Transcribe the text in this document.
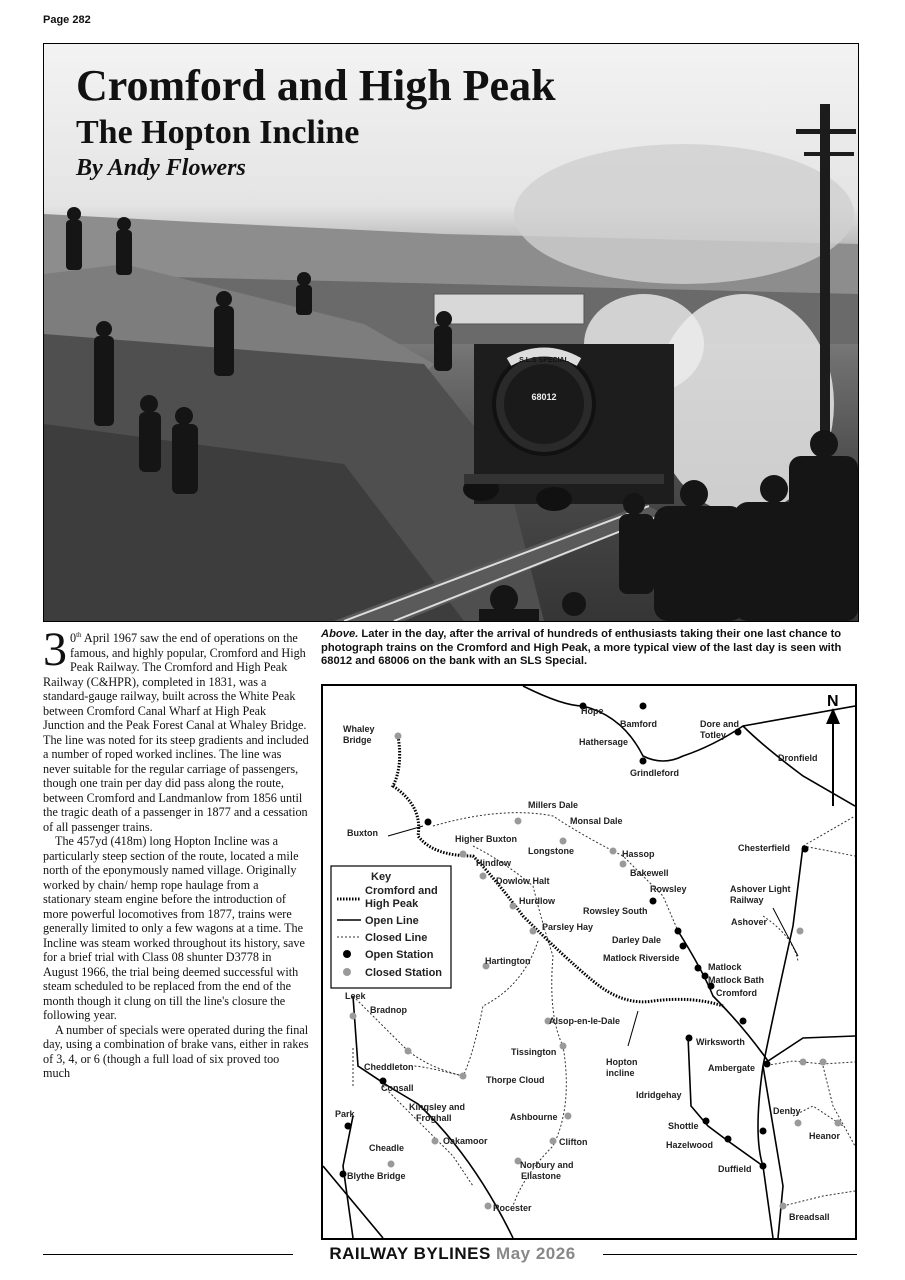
Page 282
68012
S.L.S SPECIAL
Cromford and High Peak
The Hopton Incline
By Andy Flowers

3 0th April 1967 saw the end of operations on the famous, and highly popular, Cromford and High Peak Railway. The Cromford and High Peak Railway (C&HPR), completed in 1831, was a standard-gauge railway, built across the White Peak between Cromford Canal Wharf at High Peak Junction and the Peak Forest Canal at Whaley Bridge. The line was noted for its steep gradients and included a number of roped worked inclines. The line was never suitable for the regular carriage of passengers, though one train per day did pass along the route, between Cromford and Landmanlow from 1856 until the tragic death of a passenger in 1877 and a cessation of all passenger trains.

The 457yd (418m) long Hopton Incline was a particularly steep section of the route, located a mile north of the eponymously named village. Originally worked by chain/ hemp rope haulage from a stationary steam engine before the introduction of more powerful locomotives from 1877, trains were generally limited to only a few wagons at a time. The Incline was steam worked throughout its history, save for a brief trial with Class 08 shunter D3778 in August 1966, the trial being deemed successful with steam scheduled to be replaced from the end of the month though it clung on till the line's closure the following year.

A number of specials were operated during the final day, using a combination of brake vans, either in rakes of 3, 4, or 6 (though a full load of six proved too much

Above. Later in the day, after the arrival of hundreds of enthusiasts taking their one last chance to photograph trains on the Cromford and High Peak, a more typical view of the last day is seen with 68012 and 68006 on the bank with an SLS Special.
N
Key
Cromford and
High Peak
Open Line
Closed Line
Open Station
Closed Station
Whaley
Bridge
Hope
Bamford
Hathersage
Dore and
Totley
Dronfield
Grindleford
Millers Dale
Monsal Dale
Buxton
Higher Buxton
Longstone	Hassop
Chesterfield
Hindlow
Bakewell
Dowlow Halt
Rowsley	Ashover Light
Railway
Hurdlow
Rowsley South
Ashover
Parsley Hay
Darley Dale
Hartington	Matlock Riverside
Matlock
Matlock Bath
Cromford
Leek
Bradnop
Alsop-en-le-Dale
Wirksworth
Tissington
Hopton
incline
Cheddleton
Thorpe Cloud
Ambergate
Consall
Idridgehay
Park
Kingsley and
Froghall	Ashbourne
Denby
Shottle
Cheadle
Oakamoor	Clifton	Hazelwood
Heanor
Norbury and
Ellastone
Duffield
Blythe Bridge
Rocester
Breadsall
RAILWAY BYLINES May 2026
